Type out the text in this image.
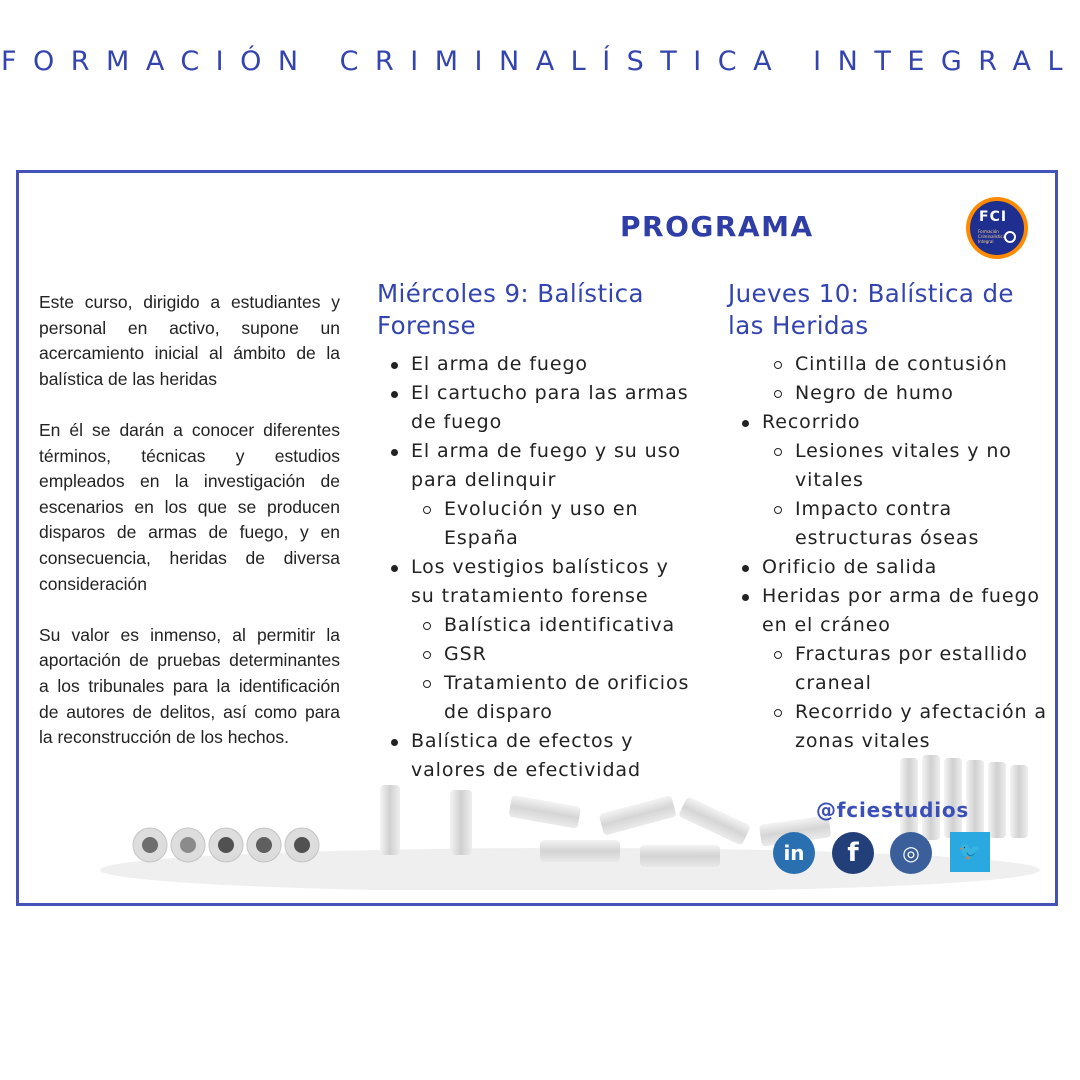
FORMACIÓN CRIMINALÍSTICA INTEGRAL
PROGRAMA	FCI
Formación Criminalística Integral

Este curso, dirigido a estudiantes y personal en activo, supone un acercamiento inicial al ámbito de la balística de las heridas

En él se darán a conocer diferentes términos, técnicas y estudios empleados en la investigación de escenarios en los que se producen disparos de armas de fuego, y en consecuencia, heridas de diversa consideración

Su valor es inmenso, al permitir la aportación de pruebas determinantes a los tribunales para la identificación de autores de delitos, así como para la reconstrucción de los hechos.

Miércoles 9: Balística Forense
El arma de fuego
El cartucho para las armas de fuego
El arma de fuego y su uso para delinquir
Evolución y uso en España
Los vestigios balísticos y su tratamiento forense
Balística identificativa
GSR
Tratamiento de orificios de disparo
Balística de efectos y valores de efectividad
Jueves 10: Balística de las Heridas
Cintilla de contusión
Negro de humo
Recorrido
Lesiones vitales y no vitales
Impacto contra estructuras óseas
Orificio de salida
Heridas por arma de fuego en el cráneo
Fracturas por estallido craneal
Recorrido y afectación a zonas vitales
@fciestudios
in	f	◎	🐦
